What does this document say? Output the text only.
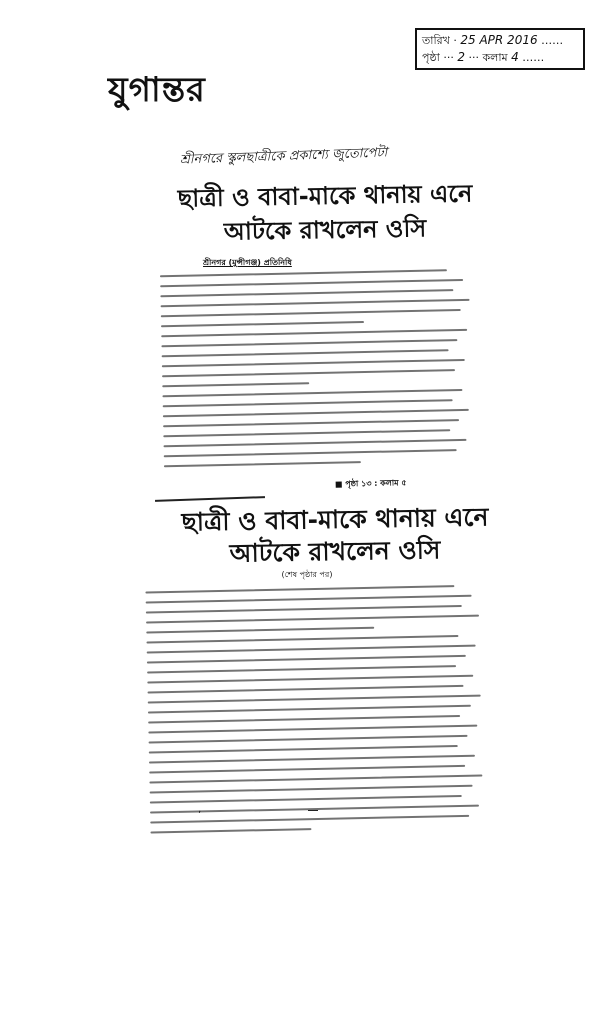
যুগান্তর
তারিখ · 25 APR 2016 ……
পৃষ্ঠা ··· 2 ··· কলাম 4 ……
শ্রীনগরে স্কুলছাত্রীকে প্রকাশ্যে জুতোপেটা
ছাত্রী ও বাবা-মাকে থানায় এনে
আটকে রাখলেন ওসি
শ্রীনগর (মুন্সীগঞ্জ) প্রতিনিধি
■ পৃষ্ঠা ১৩ : কলাম ৫
ছাত্রী ও বাবা-মাকে থানায় এনে
আটকে রাখলেন ওসি
(শেষ পৃষ্ঠার পর)
ʼ
